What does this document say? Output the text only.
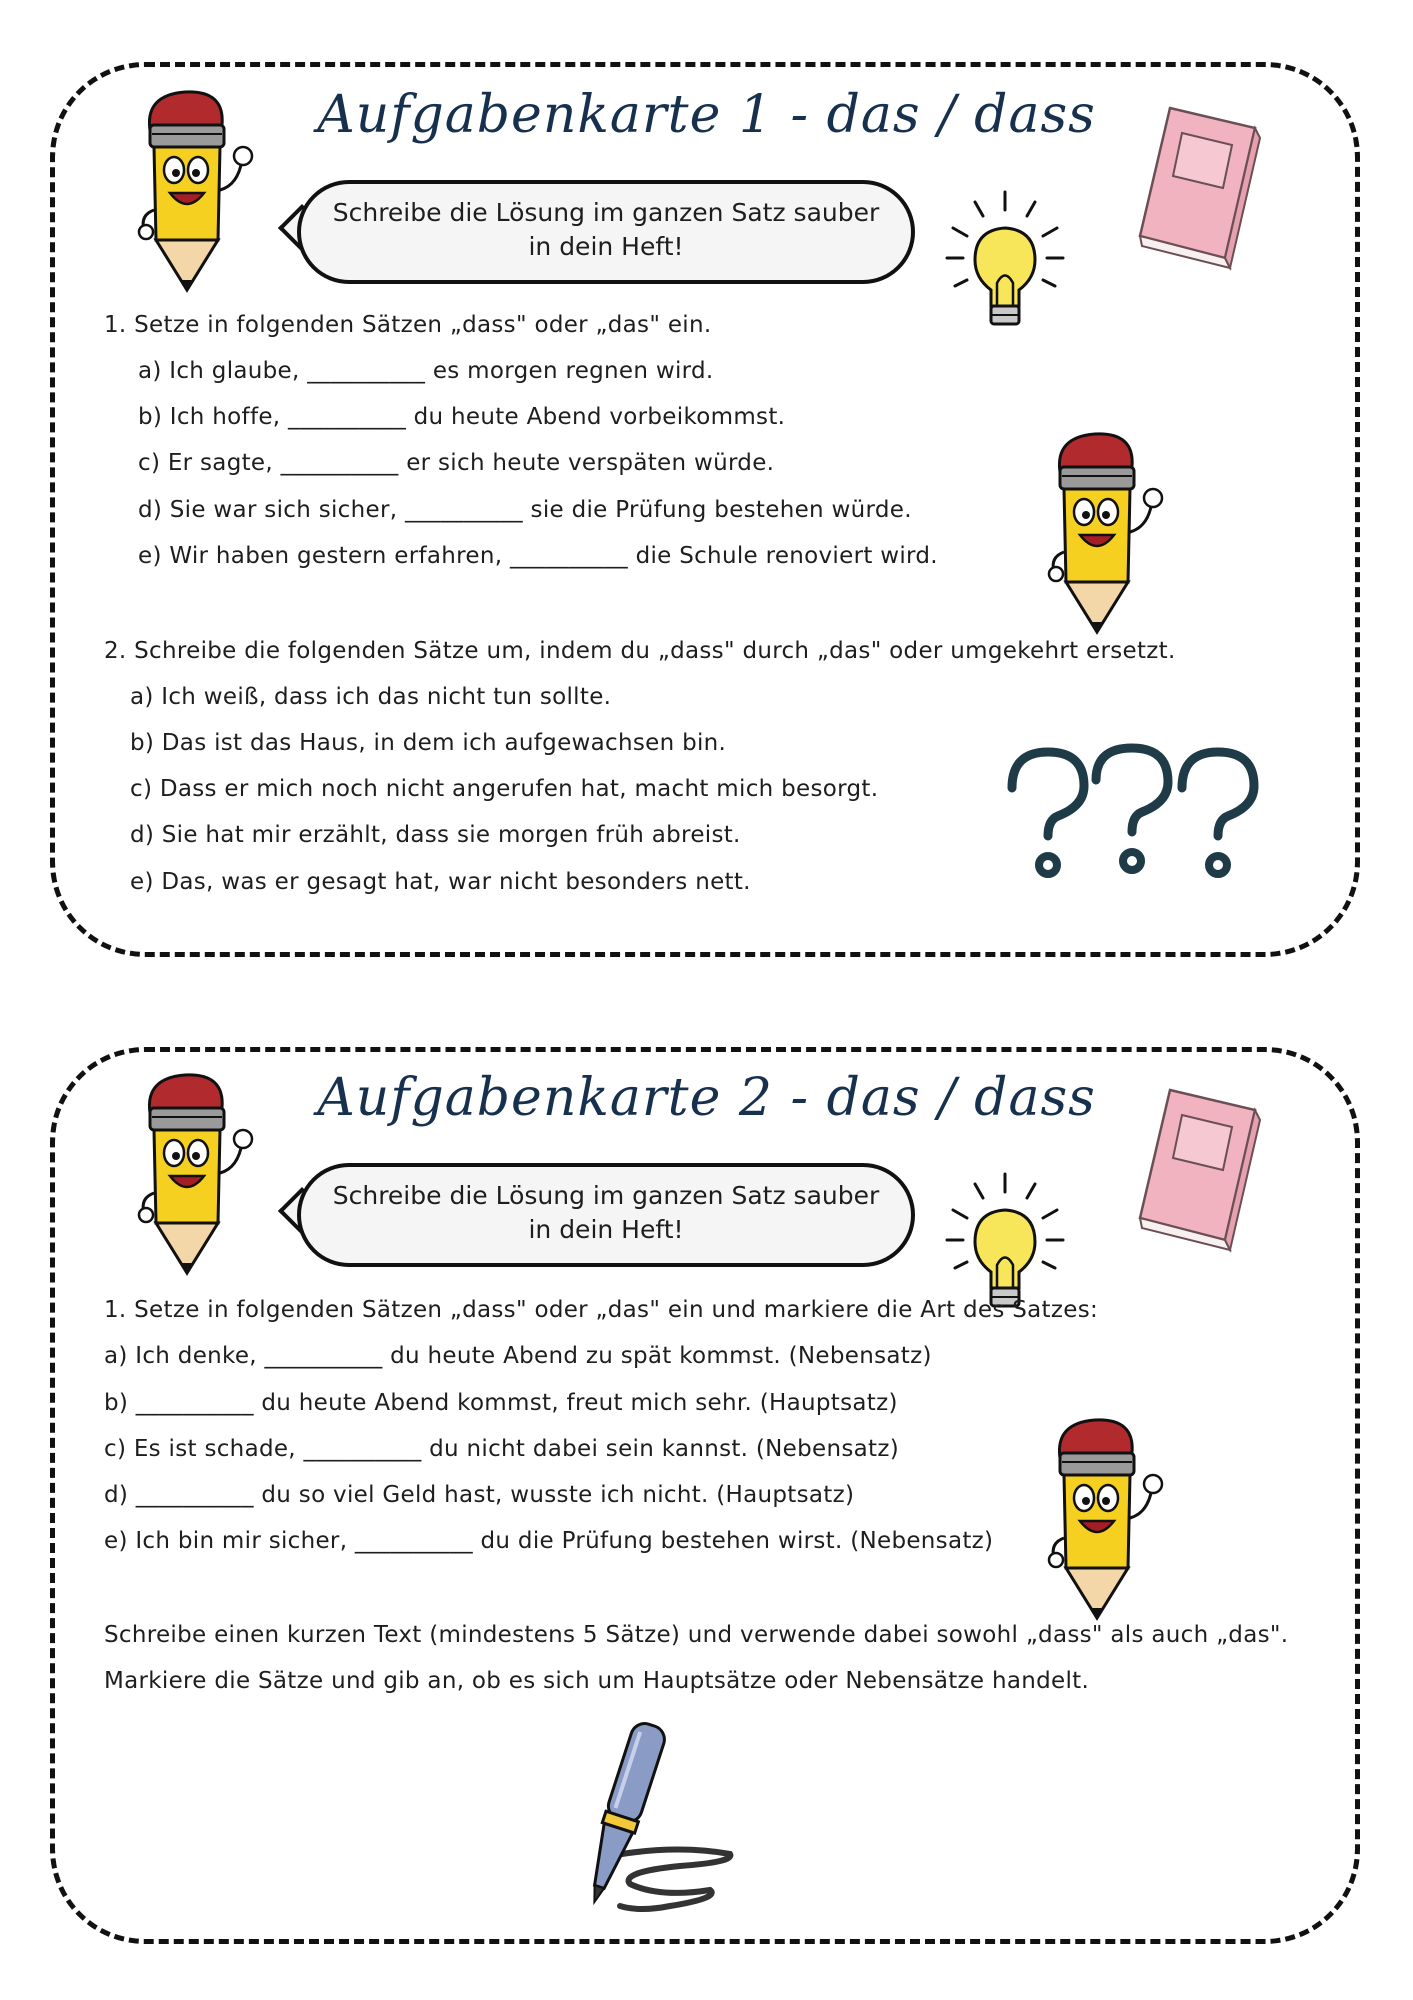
Aufgabenkarte 1 - das / dass
Schreibe die Lösung im ganzen Satz sauber
in dein Heft!
1. Setze in folgenden Sätzen „dass" oder „das" ein.
a) Ich glaube, __________ es morgen regnen wird.
b) Ich hoffe, __________ du heute Abend vorbeikommst.
c) Er sagte, __________ er sich heute verspäten würde.
d) Sie war sich sicher, __________ sie die Prüfung bestehen würde.
e) Wir haben gestern erfahren, __________ die Schule renoviert wird.
2. Schreibe die folgenden Sätze um, indem du „dass" durch „das" oder umgekehrt ersetzt.
a) Ich weiß, dass ich das nicht tun sollte.
b) Das ist das Haus, in dem ich aufgewachsen bin.
c) Dass er mich noch nicht angerufen hat, macht mich besorgt.
d) Sie hat mir erzählt, dass sie morgen früh abreist.
e) Das, was er gesagt hat, war nicht besonders nett.
Aufgabenkarte 2 - das / dass
Schreibe die Lösung im ganzen Satz sauber
in dein Heft!
1. Setze in folgenden Sätzen „dass" oder „das" ein und markiere die Art des Satzes:
a) Ich denke, __________ du heute Abend zu spät kommst. (Nebensatz)
b) __________ du heute Abend kommst, freut mich sehr. (Hauptsatz)
c) Es ist schade, __________ du nicht dabei sein kannst. (Nebensatz)
d) __________ du so viel Geld hast, wusste ich nicht. (Hauptsatz)
e) Ich bin mir sicher, __________ du die Prüfung bestehen wirst. (Nebensatz)
Schreibe einen kurzen Text (mindestens 5 Sätze) und verwende dabei sowohl „dass" als auch „das".
Markiere die Sätze und gib an, ob es sich um Hauptsätze oder Nebensätze handelt.
